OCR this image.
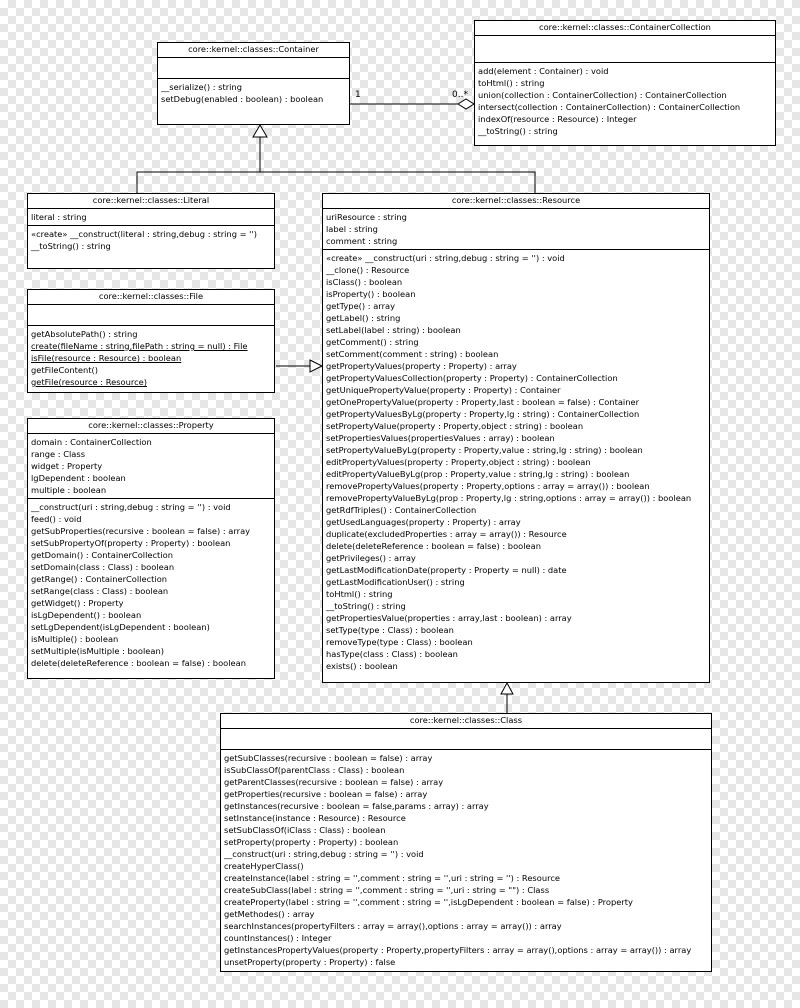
1	0..*
core::kernel::classes::Container
__serialize() : string
setDebug(enabled : boolean) : boolean
core::kernel::classes::ContainerCollection
add(element : Container) : void
toHtml() : string
union(collection : ContainerCollection) : ContainerCollection
intersect(collection : ContainerCollection) : ContainerCollection
indexOf(resource : Resource) : Integer
__toString() : string
core::kernel::classes::Literal
literal : string
«create» __construct(literal : string,debug : string = '')
__toString() : string
core::kernel::classes::File
getAbsolutePath() : string
create(fileName : string,filePath : string = null) : File
isFile(resource : Resource) : boolean
getFileContent()
getFile(resource : Resource)
core::kernel::classes::Property
domain : ContainerCollection
range : Class
widget : Property
lgDependent : boolean
multiple : boolean
__construct(uri : string,debug : string = '') : void
feed() : void
getSubProperties(recursive : boolean = false) : array
setSubPropertyOf(property : Property) : boolean
getDomain() : ContainerCollection
setDomain(class : Class) : boolean
getRange() : ContainerCollection
setRange(class : Class) : boolean
getWidget() : Property
isLgDependent() : boolean
setLgDependent(isLgDependent : boolean)
isMultiple() : boolean
setMultiple(isMultiple : boolean)
delete(deleteReference : boolean = false) : boolean
core::kernel::classes::Resource
uriResource : string
label : string
comment : string
«create» __construct(uri : string,debug : string = '') : void
__clone() : Resource
isClass() : boolean
isProperty() : boolean
getType() : array
getLabel() : string
setLabel(label : string) : boolean
getComment() : string
setComment(comment : string) : boolean
getPropertyValues(property : Property) : array
getPropertyValuesCollection(property : Property) : ContainerCollection
getUniquePropertyValue(property : Property) : Container
getOnePropertyValue(property : Property,last : boolean = false) : Container
getPropertyValuesByLg(property : Property,lg : string) : ContainerCollection
setPropertyValue(property : Property,object : string) : boolean
setPropertiesValues(propertiesValues : array) : boolean
setPropertyValueByLg(property : Property,value : string,lg : string) : boolean
editPropertyValues(property : Property,object : string) : boolean
editPropertyValueByLg(prop : Property,value : string,lg : string) : boolean
removePropertyValues(property : Property,options : array = array()) : boolean
removePropertyValueByLg(prop : Property,lg : string,options : array = array()) : boolean
getRdfTriples() : ContainerCollection
getUsedLanguages(property : Property) : array
duplicate(excludedProperties : array = array()) : Resource
delete(deleteReference : boolean = false) : boolean
getPrivileges() : array
getLastModificationDate(property : Property = null) : date
getLastModificationUser() : string
toHtml() : string
__toString() : string
getPropertiesValue(properties : array,last : boolean) : array
setType(type : Class) : boolean
removeType(type : Class) : boolean
hasType(class : Class) : boolean
exists() : boolean
core::kernel::classes::Class
getSubClasses(recursive : boolean = false) : array
isSubClassOf(parentClass : Class) : boolean
getParentClasses(recursive : boolean = false) : array
getProperties(recursive : boolean = false) : array
getInstances(recursive : boolean = false,params : array) : array
setInstance(instance : Resource) : Resource
setSubClassOf(iClass : Class) : boolean
setProperty(property : Property) : boolean
__construct(uri : string,debug : string = '') : void
createHyperClass()
createInstance(label : string = '',comment : string = '',uri : string = '') : Resource
createSubClass(label : string = '',comment : string = '',uri : string = "") : Class
createProperty(label : string = '',comment : string = '',isLgDependent : boolean = false) : Property
getMethodes() : array
searchInstances(propertyFilters : array = array(),options : array = array()) : array
countInstances() : Integer
getInstancesPropertyValues(property : Property,propertyFilters : array = array(),options : array = array()) : array
unsetProperty(property : Property) : false
